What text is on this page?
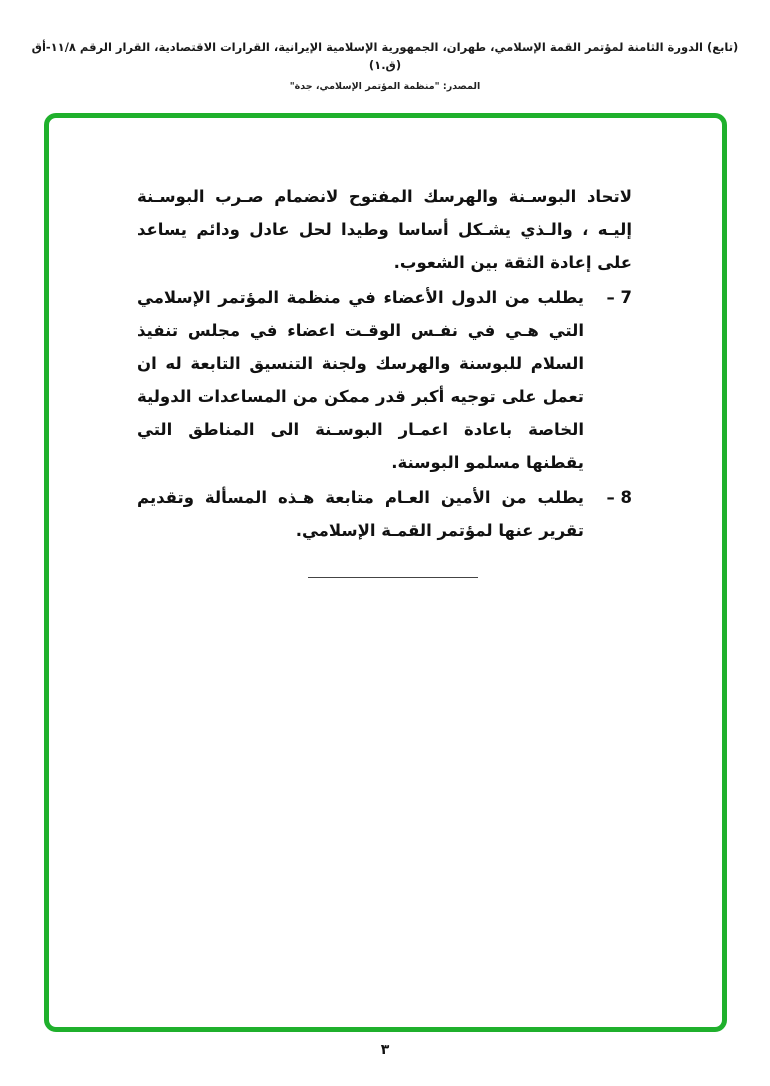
(تابع) الدورة الثامنة لمؤتمر القمة الإسلامي، طهران، الجمهورية الإسلامية الإيرانية، القرارات الاقتصادية، القرار الرقم ١١/٨-أق (ق.١)
المصدر: "منظمة المؤتمر الإسلامي، جدة"

لاتحاد البوسـنة والهرسك المفتوح لانضمام صـرب البوسـنة إليـه ، والـذي يشـكل أساسا وطيدا لحل عادل ودائم يساعد على إعادة الثقة بين الشعوب.

7 –

يطلب من الدول الأعضاء في منظمة المؤتمر الإسلامي التي هـي في نفـس الوقـت اعضاء في مجلس تنفيذ السلام للبوسنة والهرسك ولجنة التنسيق التابعة له ان تعمل على توجيه أكبر قدر ممكن من المساعدات الدولية الخاصة باعادة اعمـار البوسـنة الى المناطق التي يقطنها مسلمو البوسنة.

8 –

يطلب من الأمين العـام متابعة هـذه المسألة وتقديم تقرير عنها لمؤتمر القمـة الإسلامي.

٣
